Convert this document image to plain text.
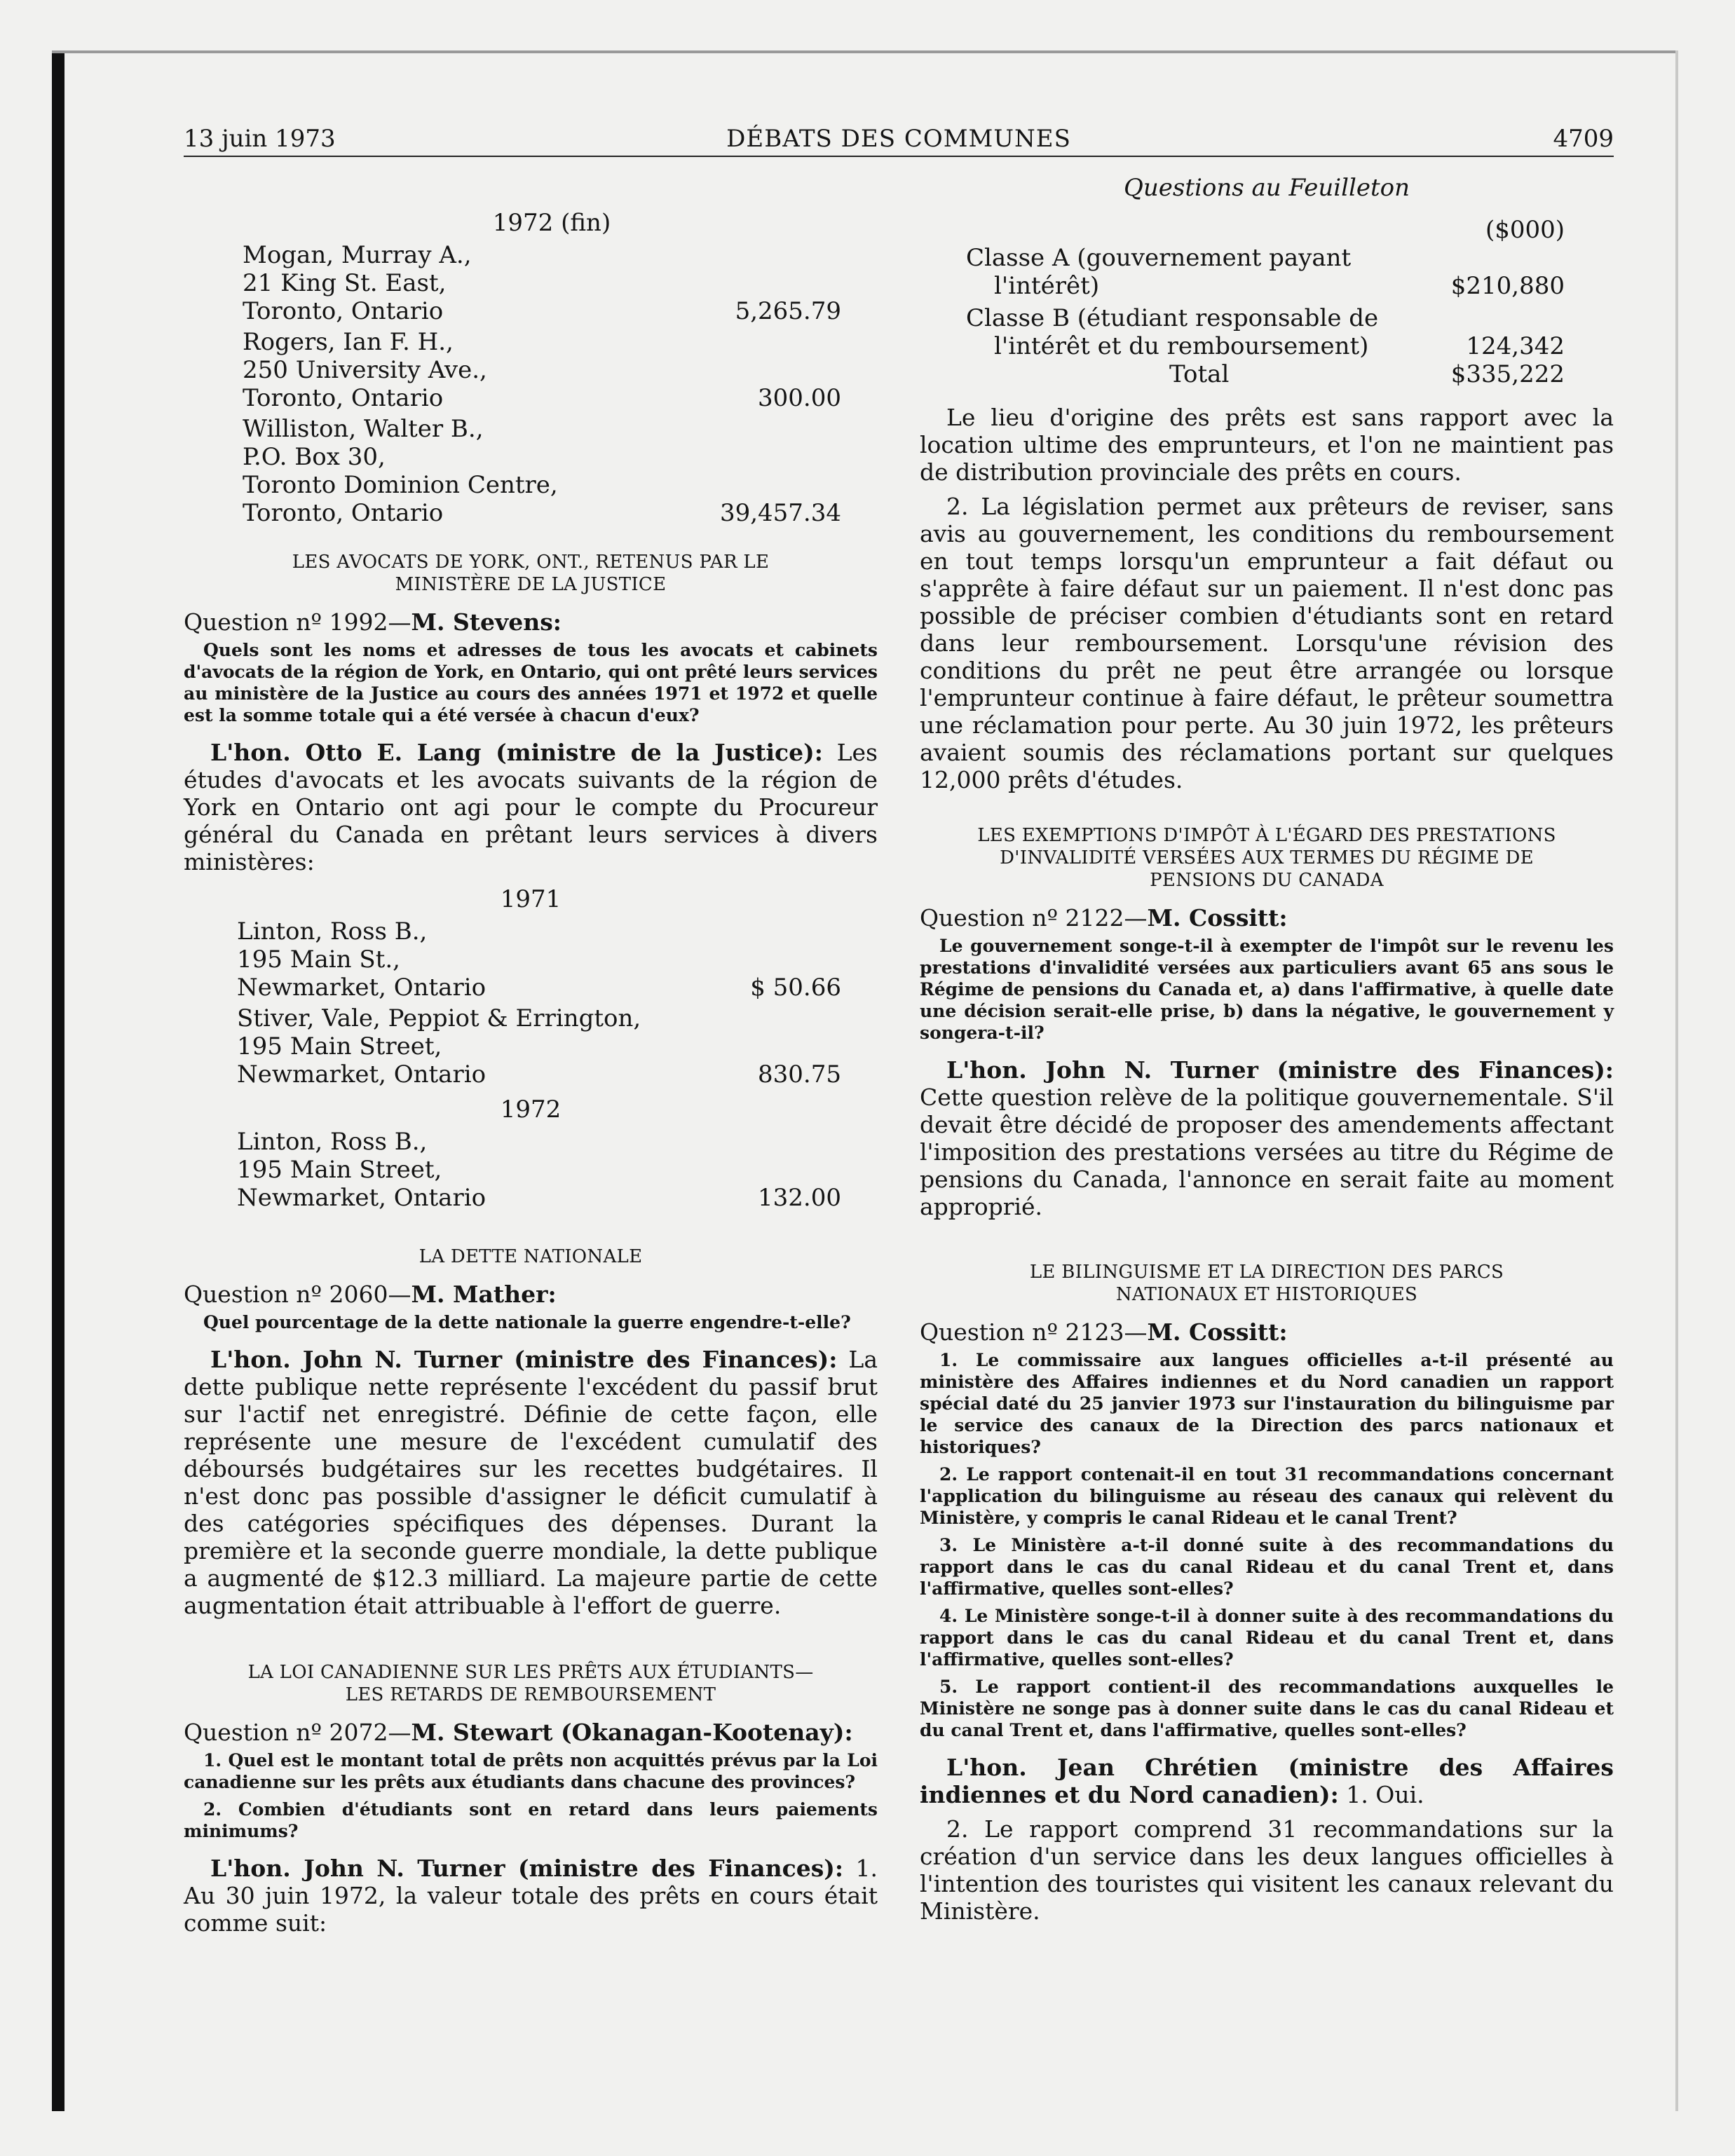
13 juin 1973	DÉBATS DES COMMUNES	4709
1972 (fin)
Mogan, Murray A.,
21 King St. East,
Toronto, Ontario	5,265.79
Rogers, Ian F. H.,
250 University Ave.,
Toronto, Ontario	300.00
Williston, Walter B.,
P.O. Box 30,
Toronto Dominion Centre,
Toronto, Ontario	39,457.34
LES AVOCATS DE YORK, ONT., RETENUS PAR LE
MINISTÈRE DE LA JUSTICE
Question nº 1992—M. Stevens:

Quels sont les noms et adresses de tous les avocats et cabinets d'avocats de la région de York, en Ontario, qui ont prêté leurs services au ministère de la Justice au cours des années 1971 et 1972 et quelle est la somme totale qui a été versée à chacun d'eux?

L'hon. Otto E. Lang (ministre de la Justice): Les études d'avocats et les avocats suivants de la région de York en Ontario ont agi pour le compte du Procureur général du Canada en prêtant leurs services à divers ministères:

1971
Linton, Ross B.,
195 Main St.,
Newmarket, Ontario	$ 50.66
Stiver, Vale, Peppiot & Errington,
195 Main Street,
Newmarket, Ontario	830.75
1972
Linton, Ross B.,
195 Main Street,
Newmarket, Ontario	132.00
LA DETTE NATIONALE
Question nº 2060—M. Mather:

Quel pourcentage de la dette nationale la guerre engendre-t-elle?

L'hon. John N. Turner (ministre des Finances): La dette publique nette représente l'excédent du passif brut sur l'actif net enregistré. Définie de cette façon, elle représente une mesure de l'excédent cumulatif des déboursés budgétaires sur les recettes budgétaires. Il n'est donc pas possible d'assigner le déficit cumulatif à des catégories spécifiques des dépenses. Durant la première et la seconde guerre mondiale, la dette publique a augmenté de $12.3 milliard. La majeure partie de cette augmentation était attribuable à l'effort de guerre.

LA LOI CANADIENNE SUR LES PRÊTS AUX ÉTUDIANTS—
LES RETARDS DE REMBOURSEMENT
Question nº 2072—M. Stewart (Okanagan-Kootenay):

1. Quel est le montant total de prêts non acquittés prévus par la Loi canadienne sur les prêts aux étudiants dans chacune des provinces?

2. Combien d'étudiants sont en retard dans leurs paiements minimums?

L'hon. John N. Turner (ministre des Finances): 1. Au 30 juin 1972, la valeur totale des prêts en cours était comme suit:

Questions au Feuilleton
($000)
Classe A (gouvernement payant
l'intérêt)	$210,880
Classe B (étudiant responsable de
l'intérêt et du remboursement)	124,342
Total	$335,222

Le lieu d'origine des prêts est sans rapport avec la location ultime des emprunteurs, et l'on ne maintient pas de distribution provinciale des prêts en cours.

2. La législation permet aux prêteurs de reviser, sans avis au gouvernement, les conditions du remboursement en tout temps lorsqu'un emprunteur a fait défaut ou s'apprête à faire défaut sur un paiement. Il n'est donc pas possible de préciser combien d'étudiants sont en retard dans leur remboursement. Lorsqu'une révision des conditions du prêt ne peut être arrangée ou lorsque l'emprunteur continue à faire défaut, le prêteur soumettra une réclamation pour perte. Au 30 juin 1972, les prêteurs avaient soumis des réclamations portant sur quelques 12,000 prêts d'études.

LES EXEMPTIONS D'IMPÔT À L'ÉGARD DES PRESTATIONS
D'INVALIDITÉ VERSÉES AUX TERMES DU RÉGIME DE
PENSIONS DU CANADA
Question nº 2122—M. Cossitt:

Le gouvernement songe-t-il à exempter de l'impôt sur le revenu les prestations d'invalidité versées aux particuliers avant 65 ans sous le Régime de pensions du Canada et, a) dans l'affirmative, à quelle date une décision serait-elle prise, b) dans la négative, le gouvernement y songera-t-il?

L'hon. John N. Turner (ministre des Finances): Cette question relève de la politique gouvernementale. S'il devait être décidé de proposer des amendements affectant l'imposition des prestations versées au titre du Régime de pensions du Canada, l'annonce en serait faite au moment approprié.

LE BILINGUISME ET LA DIRECTION DES PARCS
NATIONAUX ET HISTORIQUES
Question nº 2123—M. Cossitt:

1. Le commissaire aux langues officielles a-t-il présenté au ministère des Affaires indiennes et du Nord canadien un rapport spécial daté du 25 janvier 1973 sur l'instauration du bilinguisme par le service des canaux de la Direction des parcs nationaux et historiques?

2. Le rapport contenait-il en tout 31 recommandations concernant l'application du bilinguisme au réseau des canaux qui relèvent du Ministère, y compris le canal Rideau et le canal Trent?

3. Le Ministère a-t-il donné suite à des recommandations du rapport dans le cas du canal Rideau et du canal Trent et, dans l'affirmative, quelles sont-elles?

4. Le Ministère songe-t-il à donner suite à des recommandations du rapport dans le cas du canal Rideau et du canal Trent et, dans l'affirmative, quelles sont-elles?

5. Le rapport contient-il des recommandations auxquelles le Ministère ne songe pas à donner suite dans le cas du canal Rideau et du canal Trent et, dans l'affirmative, quelles sont-elles?

L'hon. Jean Chrétien (ministre des Affaires indiennes et du Nord canadien): 1. Oui.

2. Le rapport comprend 31 recommandations sur la création d'un service dans les deux langues officielles à l'intention des touristes qui visitent les canaux relevant du Ministère.
